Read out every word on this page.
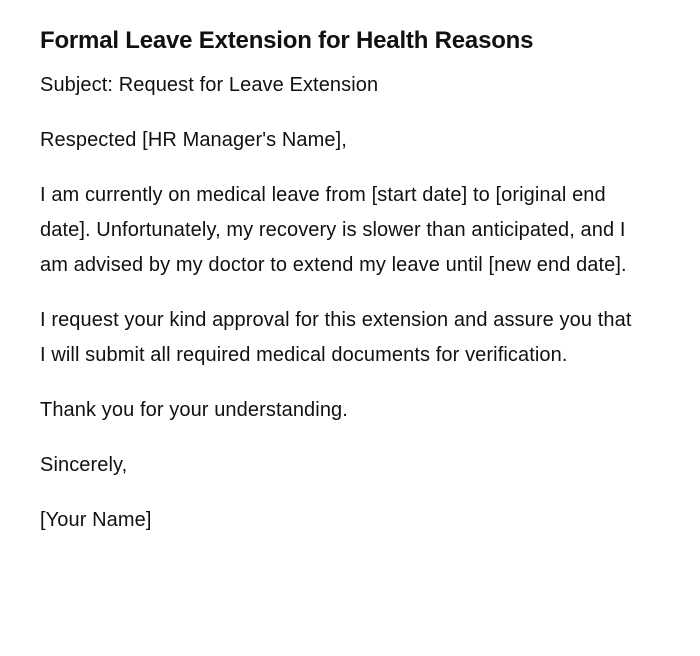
Formal Leave Extension for Health Reasons

Subject: Request for Leave Extension

Respected [HR Manager's Name],

I am currently on medical leave from [start date] to [original end date]. Unfortunately, my recovery is slower than anticipated, and I am advised by my doctor to extend my leave until [new end date].

I request your kind approval for this extension and assure you that I will submit all required medical documents for verification.

Thank you for your understanding.

Sincerely,

[Your Name]
